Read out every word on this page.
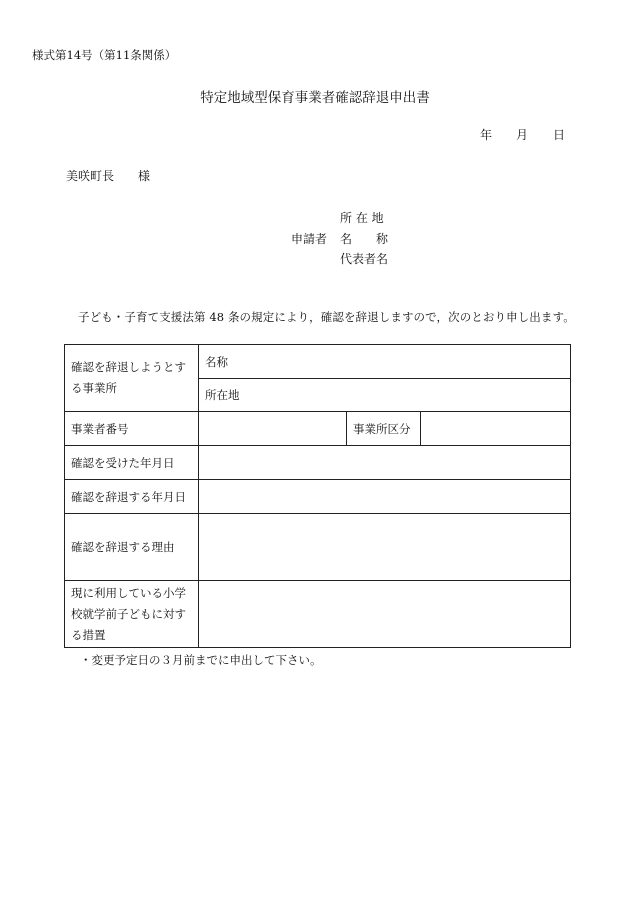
様式第14号（第11条関係）
特定地域型保育事業者確認辞退申出書
年 月 日
美咲町長 様
申請者
所 在 地
名　　称
代表者名
子ども・子育て支援法第 48 条の規定により，確認を辞退しますので，次のとおり申し出ます。
確認を辞退しようとする事業所	名称		
	所在地		
事業者番号		事業所区分	
確認を受けた年月日			
確認を辞退する年月日			
確認を辞退する理由			
現に利用している小学校就学前子どもに対する措置			
・変更予定日の３月前までに申出して下さい。
